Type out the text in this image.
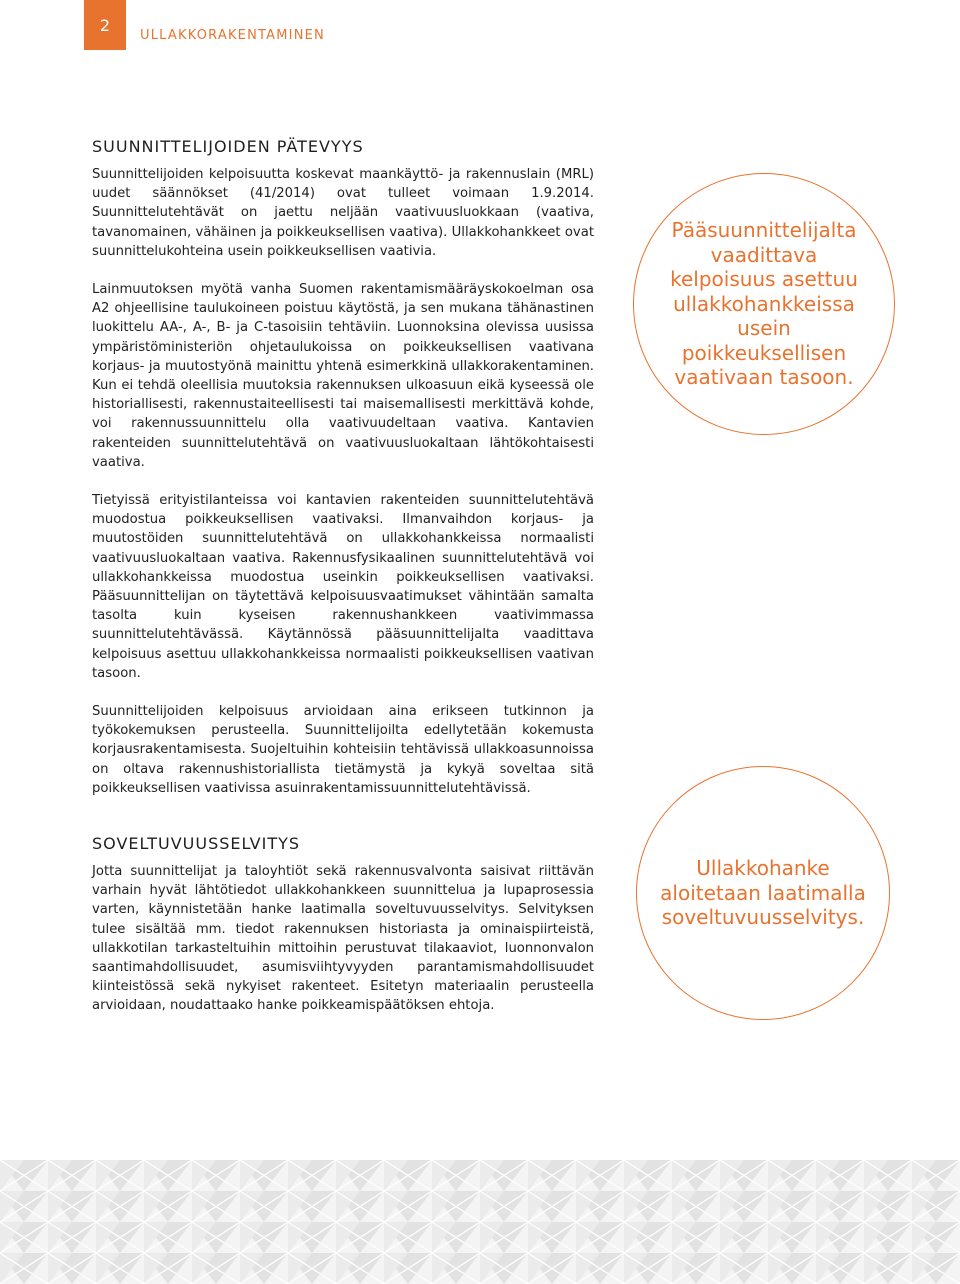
2
ULLAKKORAKENTAMINEN
SUUNNITTELIJOIDEN PÄTEVYYS

Suunnittelijoiden kelpoisuutta koskevat maankäyttö- ja rakennuslain (MRL) uudet säännökset (41/2014) ovat tulleet voimaan 1.9.2014. Suunnittelutehtävät on jaettu neljään vaativuusluokkaan (vaativa, tavanomainen, vähäinen ja poikkeuksellisen vaativa). Ullakkohankkeet ovat suunnittelukohteina usein poikkeuksellisen vaativia.

Lainmuutoksen myötä vanha Suomen rakentamismääräyskokoelman osa A2 ohjeellisine taulukoineen poistuu käytöstä, ja sen mukana tähänastinen luokittelu AA-, A-, B- ja C-tasoisiin tehtäviin. Luonnoksina olevissa uusissa ympäristöministeriön ohjetaulukoissa on poikkeuksellisen vaativana korjaus- ja muutostyönä mainittu yhtenä esimerkkinä ullakkorakentaminen. Kun ei tehdä oleellisia muutoksia rakennuksen ulkoasuun eikä kyseessä ole historiallisesti, rakennustaiteellisesti tai maisemallisesti merkittävä kohde, voi rakennussuunnittelu olla vaativuudeltaan vaativa. Kantavien rakenteiden suunnittelutehtävä on vaativuusluokaltaan lähtökohtaisesti vaativa.

Tietyissä erityistilanteissa voi kantavien rakenteiden suunnittelutehtävä muodostua poikkeuksellisen vaativaksi. Ilmanvaihdon korjaus- ja muutostöiden suunnittelutehtävä on ullakkohankkeissa normaalisti vaativuusluokaltaan vaativa. Rakennusfysikaalinen suunnittelutehtävä voi ullakkohankkeissa muodostua useinkin poikkeuksellisen vaativaksi. Pääsuunnittelijan on täytettävä kelpoisuusvaatimukset vähintään samalta tasolta kuin kyseisen rakennushankkeen vaativimmassa suunnittelutehtävässä. Käytännössä pääsuunnittelijalta vaadittava kelpoisuus asettuu ullakkohankkeissa normaalisti poikkeuksellisen vaativan tasoon.

Suunnittelijoiden kelpoisuus arvioidaan aina erikseen tutkinnon ja työkokemuksen perusteella. Suunnittelijoilta edellytetään kokemusta korjausrakentamisesta. Suojeltuihin kohteisiin tehtävissä ullakkoasunnoissa on oltava rakennushistoriallista tietämystä ja kykyä soveltaa sitä poikkeuksellisen vaativissa asuinrakentamissuunnittelutehtävissä.

SOVELTUVUUSSELVITYS

Jotta suunnittelijat ja taloyhtiöt sekä rakennusvalvonta saisivat riittävän varhain hyvät lähtötiedot ullakkohankkeen suunnittelua ja lupaprosessia varten, käynnistetään hanke laatimalla soveltuvuusselvitys. Selvityksen tulee sisältää mm. tiedot rakennuksen historiasta ja ominaispiirteistä, ullakkotilan tarkasteltuihin mittoihin perustuvat tilakaaviot, luonnonvalon saantimahdollisuudet, asumisviihtyvyyden parantamismahdollisuudet kiinteistössä sekä nykyiset rakenteet. Esitetyn materiaalin perusteella arvioidaan, noudattaako hanke poikkeamispäätöksen ehtoja.

Pääsuunnittelijalta vaadittava kelpoisuus asettuu ullakkohankkeissa usein poikkeuksellisen vaativaan tasoon.
Ullakkohanke aloitetaan laatimalla soveltuvuusselvitys.
